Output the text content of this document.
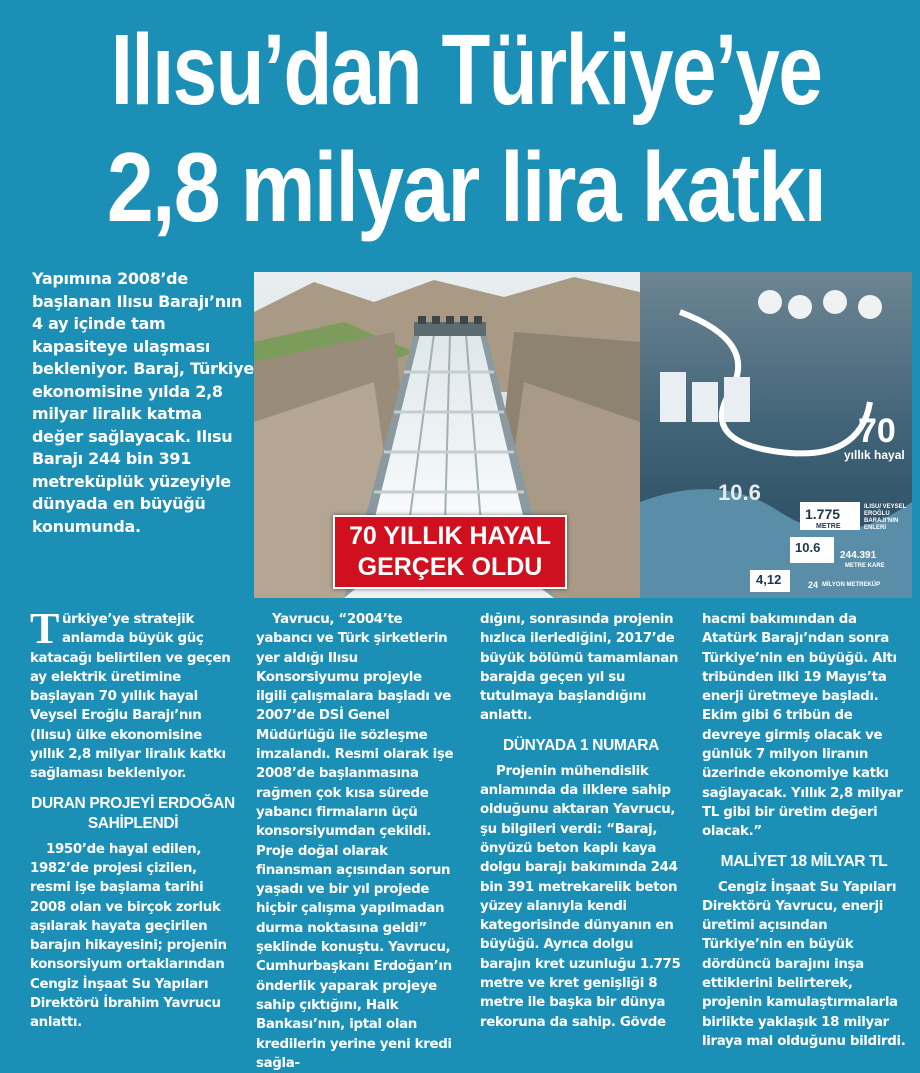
Ilısu’dan Türkiye’ye
2,8 milyar lira katkı
Yapımına 2008’de başlanan Ilısu Barajı’nın 4 ay içinde tam kapasiteye ulaşması bekleniyor. Baraj, Türkiye ekonomisine yılda 2,8 milyar liralık katma değer sağlayacak. Ilısu Barajı 244 bin 391 metreküplük yüzeyiyle dünyada en büyüğü konumunda.
70
yıllık hayal
10.6
1.775
METRE
ILISU/ VEYSEL EROĞLU BARAJI’NIN ENLERİ
10.6
244.391
METRE KARE
4,12	24 MİLYON METREKÜP
70 YILLIK HAYAL
GERÇEK OLDU

Türkiye’ye stratejik anlamda büyük güç katacağı belirtilen ve geçen ay elektrik üretimine başlayan 70 yıllık hayal Veysel Eroğlu Barajı’nın (Ilısu) ülke ekonomisine yıllık 2,8 milyar liralık katkı sağlaması bekleniyor.

DURAN PROJEYİ ERDOĞAN SAHİPLENDİ

1950’de hayal edilen, 1982’de projesi çizilen, resmi işe başlama tarihi 2008 olan ve birçok zorluk aşılarak hayata geçirilen barajın hikayesini; projenin konsorsiyum ortaklarından Cengiz İnşaat Su Yapıları Direktörü İbrahim Yavrucu anlattı.

Yavrucu, “2004’te yabancı ve Türk şirketlerin yer aldığı Ilısu Konsorsiyumu projeyle ilgili çalışmalara başladı ve 2007’de DSİ Genel Müdürlüğü ile sözleşme imzalandı. Resmi olarak işe 2008’de başlanmasına rağmen çok kısa sürede yabancı firmaların üçü konsorsiyumdan çekildi. Proje doğal olarak finansman açısından sorun yaşadı ve bir yıl projede hiçbir çalışma yapılmadan durma noktasına geldi” şeklinde konuştu. Yavrucu, Cumhurbaşkanı Erdoğan’ın önderlik yaparak projeye sahip çıktığını, Halk Bankası’nın, iptal olan kredilerin yerine yeni kredi sağla-

dığını, sonrasında projenin hızlıca ilerlediğini, 2017’de büyük bölümü tamamlanan barajda geçen yıl su tutulmaya başlandığını anlattı.

DÜNYADA 1 NUMARA

Projenin mühendislik anlamında da ilklere sahip olduğunu aktaran Yavrucu, şu bilgileri verdi: “Baraj, önyüzü beton kaplı kaya dolgu barajı bakımında 244 bin 391 metrekarelik beton yüzey alanıyla kendi kategorisinde dünyanın en büyüğü. Ayrıca dolgu barajın kret uzunluğu 1.775 metre ve kret genişliği 8 metre ile başka bir dünya rekoruna da sahip. Gövde

hacmi bakımından da Atatürk Barajı’ndan sonra Türkiye’nin en büyüğü. Altı tribünden ilki 19 Mayıs’ta enerji üretmeye başladı. Ekim gibi 6 tribün de devreye girmiş olacak ve günlük 7 milyon liranın üzerinde ekonomiye katkı sağlayacak. Yıllık 2,8 milyar TL gibi bir üretim değeri olacak.”

MALİYET 18 MİLYAR TL

Cengiz İnşaat Su Yapıları Direktörü Yavrucu, enerji üretimi açısından Türkiye’nin en büyük dördüncü barajını inşa ettiklerini belirterek, projenin kamulaştırmalarla birlikte yaklaşık 18 milyar liraya mal olduğunu bildirdi.
